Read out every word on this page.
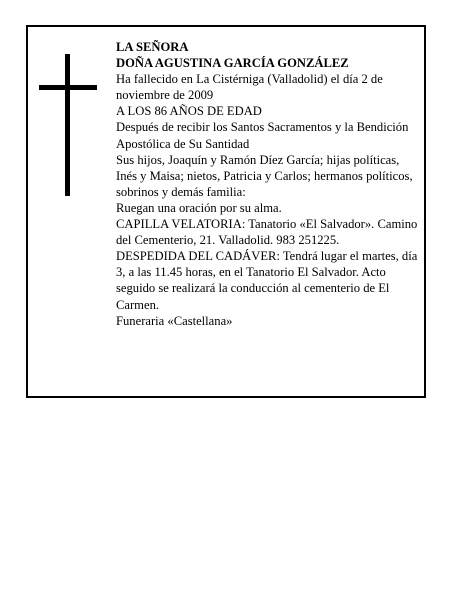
LA SEÑORA

DOÑA AGUSTINA GARCÍA GONZÁLEZ

Ha fallecido en La Cistérniga (Valladolid) el día 2 de noviembre de 2009

A LOS 86 AÑOS DE EDAD

Después de recibir los Santos Sacramentos y la Bendición Apostólica de Su Santidad

Sus hijos, Joaquín y Ramón Díez García; hijas políticas, Inés y Maisa; nietos, Patricia y Carlos; hermanos políticos, sobrinos y demás familia:

Ruegan una oración por su alma.

CAPILLA VELATORIA: Tanatorio «El Salvador». Camino del Cementerio, 21. Valladolid. 983 251225.

DESPEDIDA DEL CADÁVER: Tendrá lugar el martes, día 3, a las 11.45 horas, en el Tanatorio El Salvador. Acto seguido se realizará la conducción al cementerio de El Carmen.

Funeraria «Castellana»
